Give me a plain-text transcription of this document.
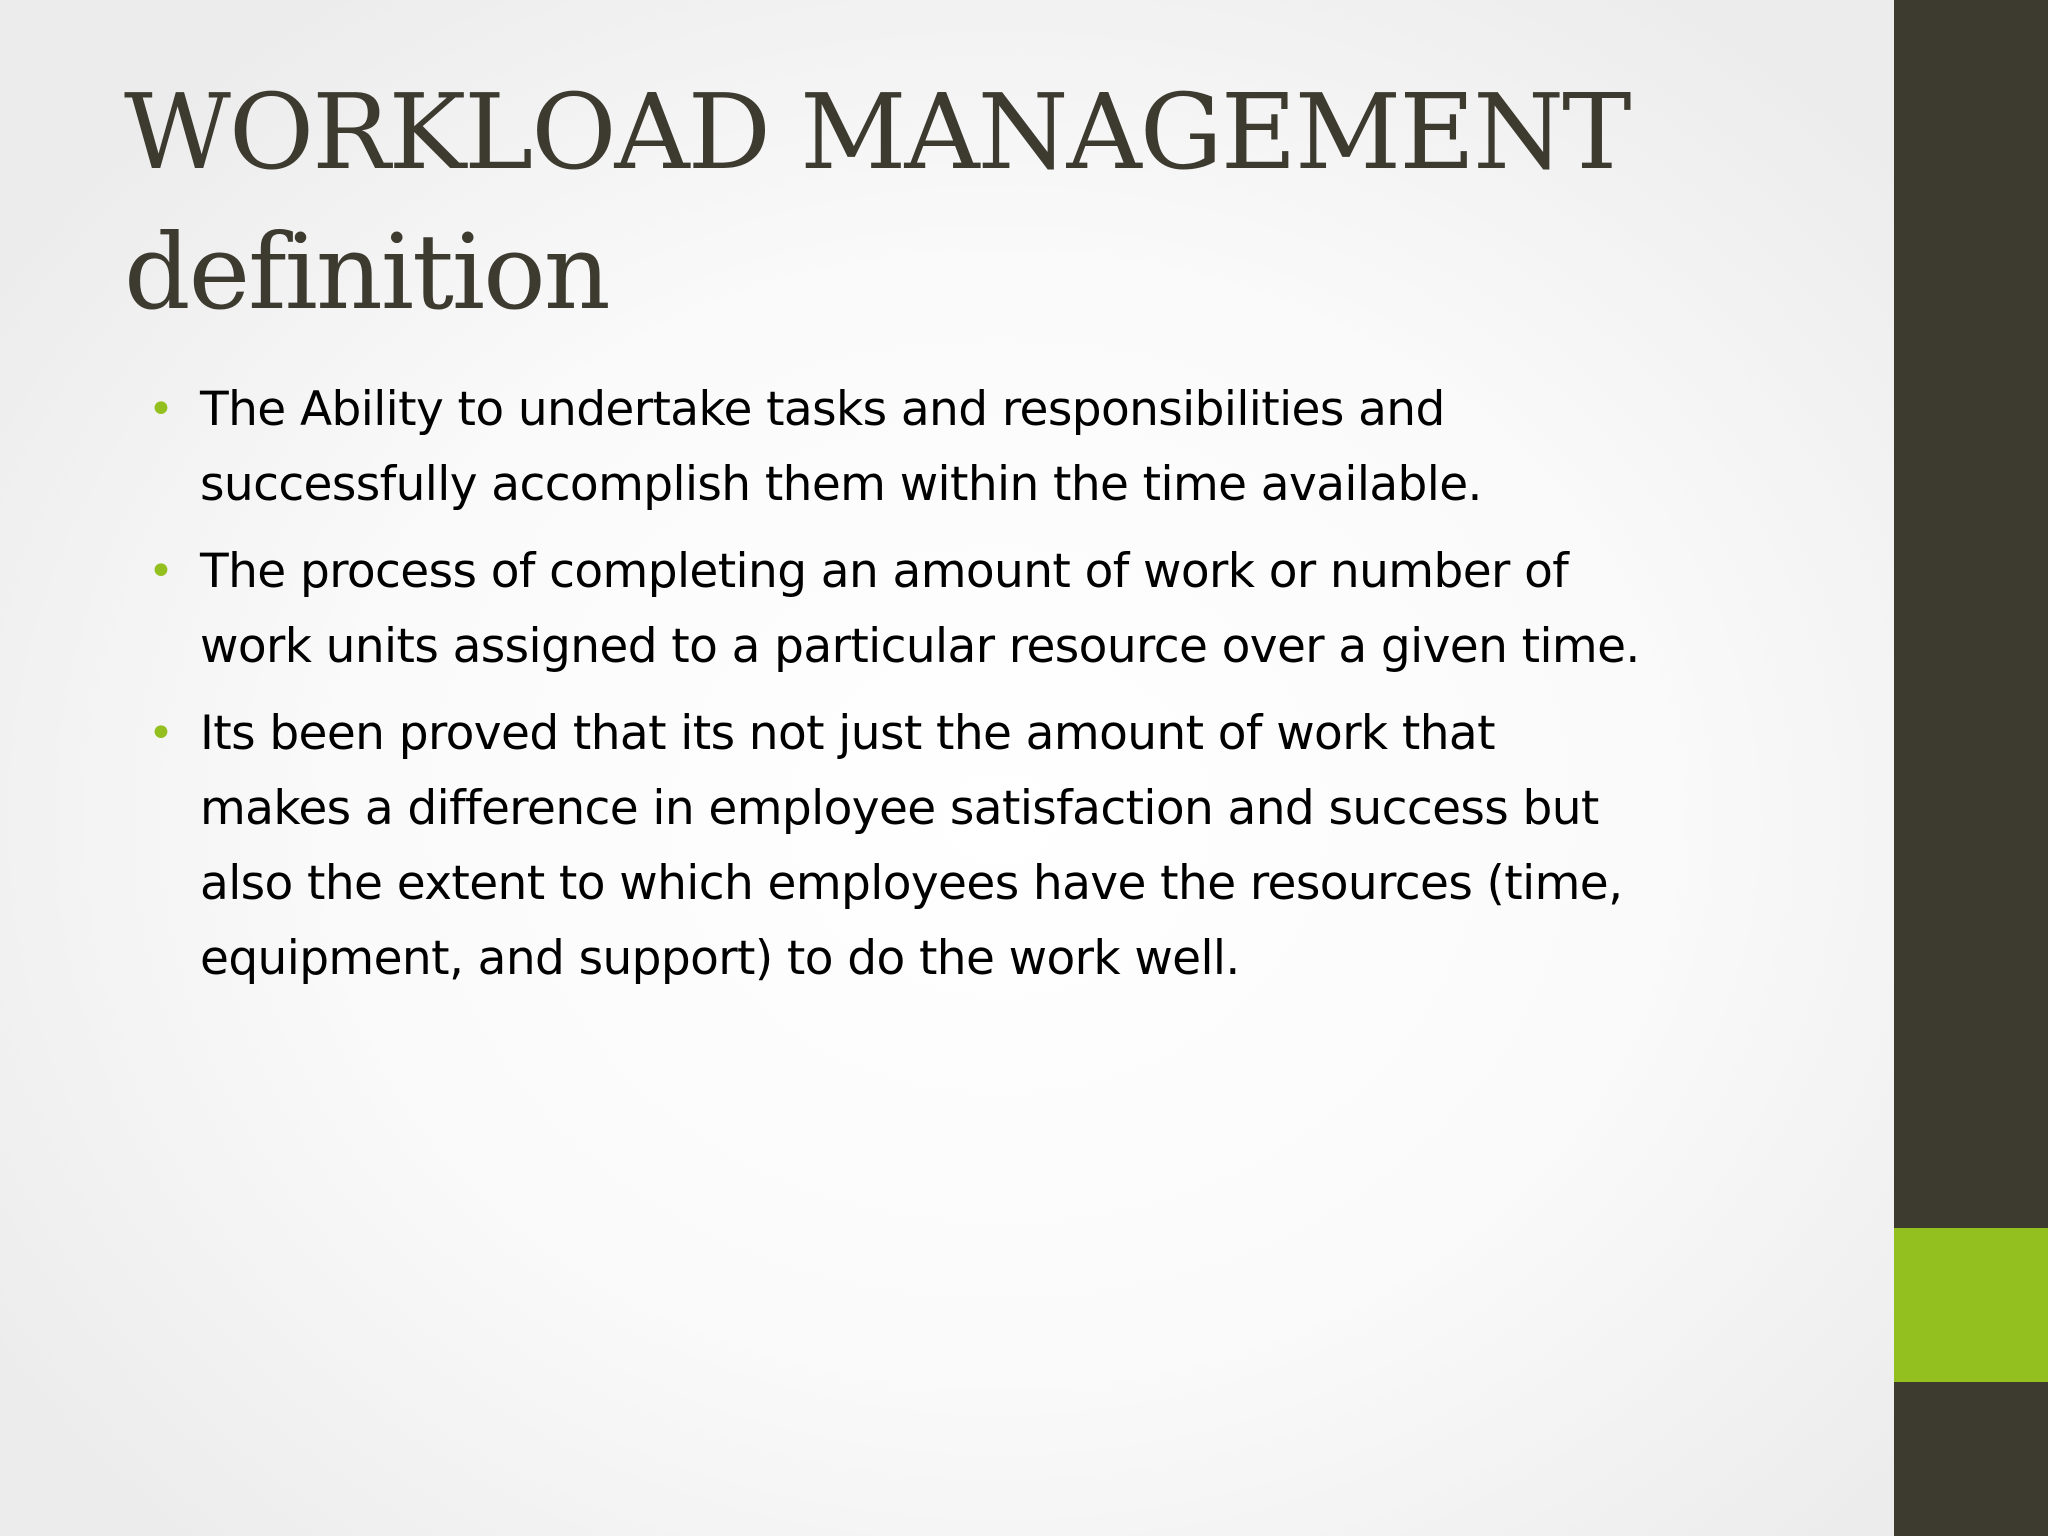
WORKLOAD MANAGEMENT
definition
• The Ability to undertake tasks and responsibilities and
successfully accomplish them within the time available.
• The process of completing an amount of work or number of
work units assigned to a particular resource over a given time.
• Its been proved that its not just the amount of work that
makes a difference in employee satisfaction and success but
also the extent to which employees have the resources (time,
equipment, and support) to do the work well.
